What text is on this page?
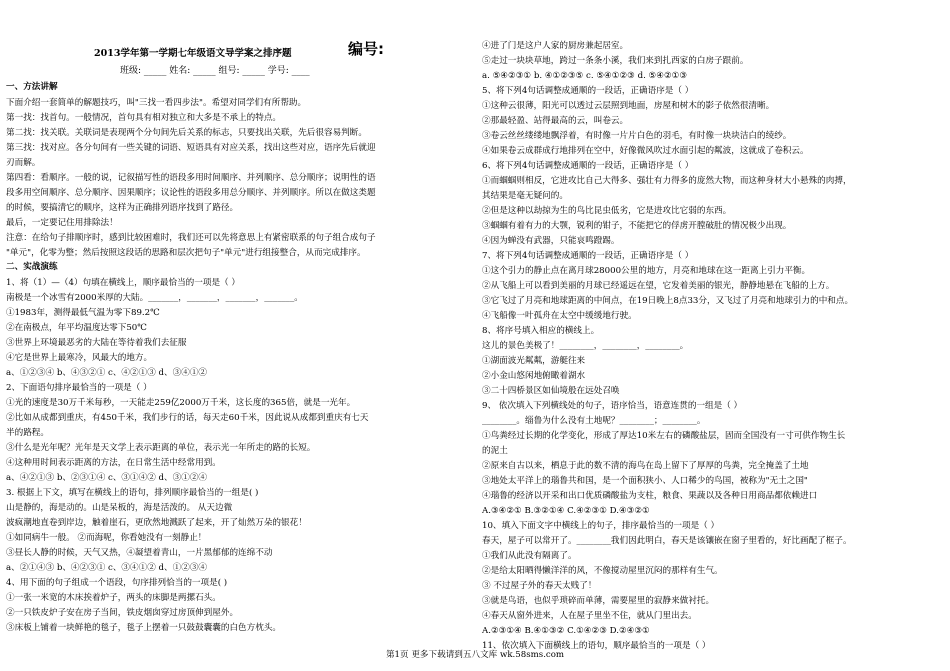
2013学年第一学期七年级语文导学案之排序题	编号:
班级: _____ 姓名: _____ 组号: _____ 学号: ____
一、方法讲解
下面介绍一套简单的解题技巧，叫"三找一看四步法"。希望对同学们有所帮助。
第一找：找首句。一般情况，首句具有相对独立和大多是不承上的特点。
第二找：找关联。关联词是表现两个分句间先后关系的标志，只要找出关联，先后很容易判断。
第三找：找对应。各分句间有一些关键的词语、短语具有对应关系，找出这些对应，语序先后就迎
刃而解。
第四看：看顺序。一般的说，记叙描写性的语段多用时间顺序、并列顺序、总分顺序；说明性的语
段多用空间顺序、总分顺序、因果顺序；议论性的语段多用总分顺序、并列顺序。所以在做这类题
的时候，要搞清它的顺序，这样为正确排列语序找到了路径。
最后，一定要记住用排除法！
注意：在给句子排顺序时，感到比较困难时，我们还可以先将意思上有紧密联系的句子组合成句子
"单元"，化零为整；然后按照这段话的思路和层次把句子"单元"进行组接整合，从而完成排序。
二、实战演练
1、将（1）—（4）句填在横线上，顺序最恰当的一项是（ ）
南极是一个冰雪有2000米厚的大陆。_______，_______，_______，_______。
①1983年，测得最低气温为零下89.2℃
②在南极点，年平均温度达零下50℃
③世界上环境最恶劣的大陆在等待着我们去征服
④它是世界上最寒冷，风最大的地方。
a、①②③④ b、④③②① c、④②①③ d、③④①②
2、下面语句排序最恰当的一项是（ ）
①光的速度是30万千米每秒，一天能走259亿2000万千米，这长度的365倍，就是一光年。
②比如从成都到重庆，有450千米，我们步行的话，每天走60千米，因此说从成都到重庆有七天
半的路程。
③什么是光年呢？光年是天文学上表示距离的单位，表示光一年所走的路的长短。
④这种用时间表示距离的方法，在日常生活中经常用到。
a、④②①③ b、②③①④ c、③①④② d、③①②④
3. 根据上下文，填写在横线上的语句，排列顺序最恰当的一组是( )
山是静的，海是动的。山是呆板的，海是活泼的。 从天边微
波疯潮地直卷到岸边，触着崖石，更欣然地溅跃了起来，开了灿然万朵的银花！
①如同病牛一般。 ②而海呢，你看她没有一刻静止！
③昼长人静的时候，天气又热，④凝望着青山，一片黑郁郁的连绵不动
a、②①④③ b、④②③① c、③④①② d、①②③④
4、用下面的句子组成一个语段，句序排列恰当的一项是( )
①一张一米宽的木床挨着炉子，两头的床脚是两摞石头。
②一只铁皮炉子安在房子当间，铁皮烟囱穿过房顶伸到屋外。
③床板上铺着一块鲜艳的毯子，毯子上摆着一只鼓鼓囊囊的白色方枕头。
④进了门是这户人家的厨房兼起居室。
⑤走过一块块草地，跨过一条条小溪，我们来到扎西家的白房子跟前。
a. ⑤④②③① b. ④①②③⑤ c. ⑤④①②③ d. ⑤④②①③
5、将下列4句话调整成通顺的一段话，正确语序是（ ）
①这种云很薄，阳光可以透过云层照到地面，房屋和树木的影子依然很清晰。
②那最轻盈、站得最高的云，叫卷云。
③卷云丝丝缕缕地飘浮着，有时像一片片白色的羽毛，有时像一块块洁白的绫纱。
④如果卷云成群成行地排列在空中，好像微风吹过水面引起的粼波，这就成了卷积云。
6、将下列4句话调整成通顺的一段话，正确语序是（ ）
①而蝈蝈则相反，它进攻比自己大得多、强壮有力得多的庞然大物，而这种身材大小悬殊的肉搏，
其结果是毫无疑问的。
②但是这种以劫掠为生的鸟比昆虫低劣，它是进攻比它弱的东西。
③蝈蝈有着有力的大颚，锐利的钳子，不能把它的俘虏开膛破肚的情况极少出现。
④因为蝉没有武器，只能哀鸣蹬踢。
7、将下列4句话调整成通顺的一段话，正确语序是（ ）
①这个引力的静止点在离月球28000公里的地方，月亮和地球在这一距离上引力平衡。
②从飞船上可以看到美丽的月球已经遥远在望，它发着美丽的银光，静静地悬在飞船的上方。
③它飞过了月亮和地球距离的中间点，在19日晚上8点33分，又飞过了月亮和地球引力的中和点。
④飞船像一叶孤舟在太空中缓缓地行驶。
8、将序号填入相应的横线上。
这儿的景色美极了！________，________，________。
①湖面波光粼粼，游艇往来
②小金山悠闲地俯瞰着湖水
③二十四桥景区如仙境般在远处召唤
9、 依次填入下列横线处的句子，语序恰当，语意连贯的一组是（ ）
________。缁鲁为什么没有土地呢？________；________。
①鸟粪经过长期的化学变化，形成了厚达10米左右的磷酸盐层，固而全国没有一寸可供作物生长
的泥土
②原来自古以来，栖息于此的数不清的海鸟在岛上留下了厚厚的鸟粪，完全掩盖了土地
③地处太平洋上的瑙鲁共和国，是一个面积狭小、人口稀少的鸟国，被称为"无土之国"
④瑙鲁的经济以开采和出口优质磷酸盐为支柱，粮食、果蔬以及各种日用商品都依赖进口
A.③④②① B.③②①④ C.④②③① D.④③②①
10、填入下面文字中横线上的句子，排序最恰当的一项是（ ）
春天，屋子可以常开了。________我们因此明白，春天是该镶嵌在窗子里看的，好比画配了框子。
①我们从此没有隔离了。
②是给太阳晒得懒洋洋的风，不像搅动屋里沉闷的那样有生气。
③ 不过屋子外的春天太贱了！
③就是鸟语，也似乎琐碎而单薄，需要屋里的寂静来做衬托。
④春天从窗外进来，人在屋子里坐不住，就从门里出去。
A.②③①④ B.④①③② C.①④②③ D.②④③①
11、依次填入下面横线上的语句，顺序最恰当的一项是（ ）
第1页 更多下载请到五八文库 wk.58sms.com
